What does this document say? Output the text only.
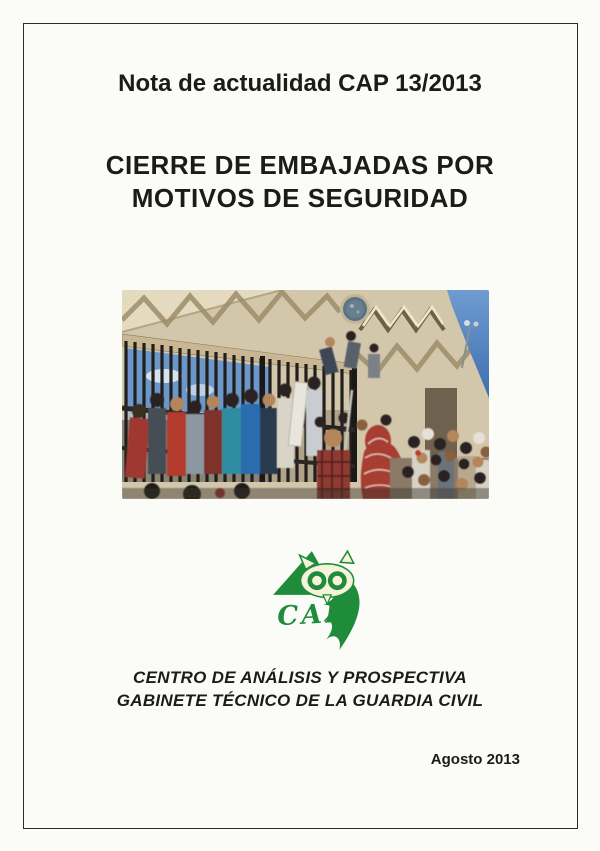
Nota de actualidad CAP 13/2013
CIERRE DE EMBAJADAS POR
MOTIVOS DE SEGURIDAD
CAP
CENTRO DE ANÁLISIS Y PROSPECTIVA
GABINETE TÉCNICO DE LA GUARDIA CIVIL
Agosto 2013
